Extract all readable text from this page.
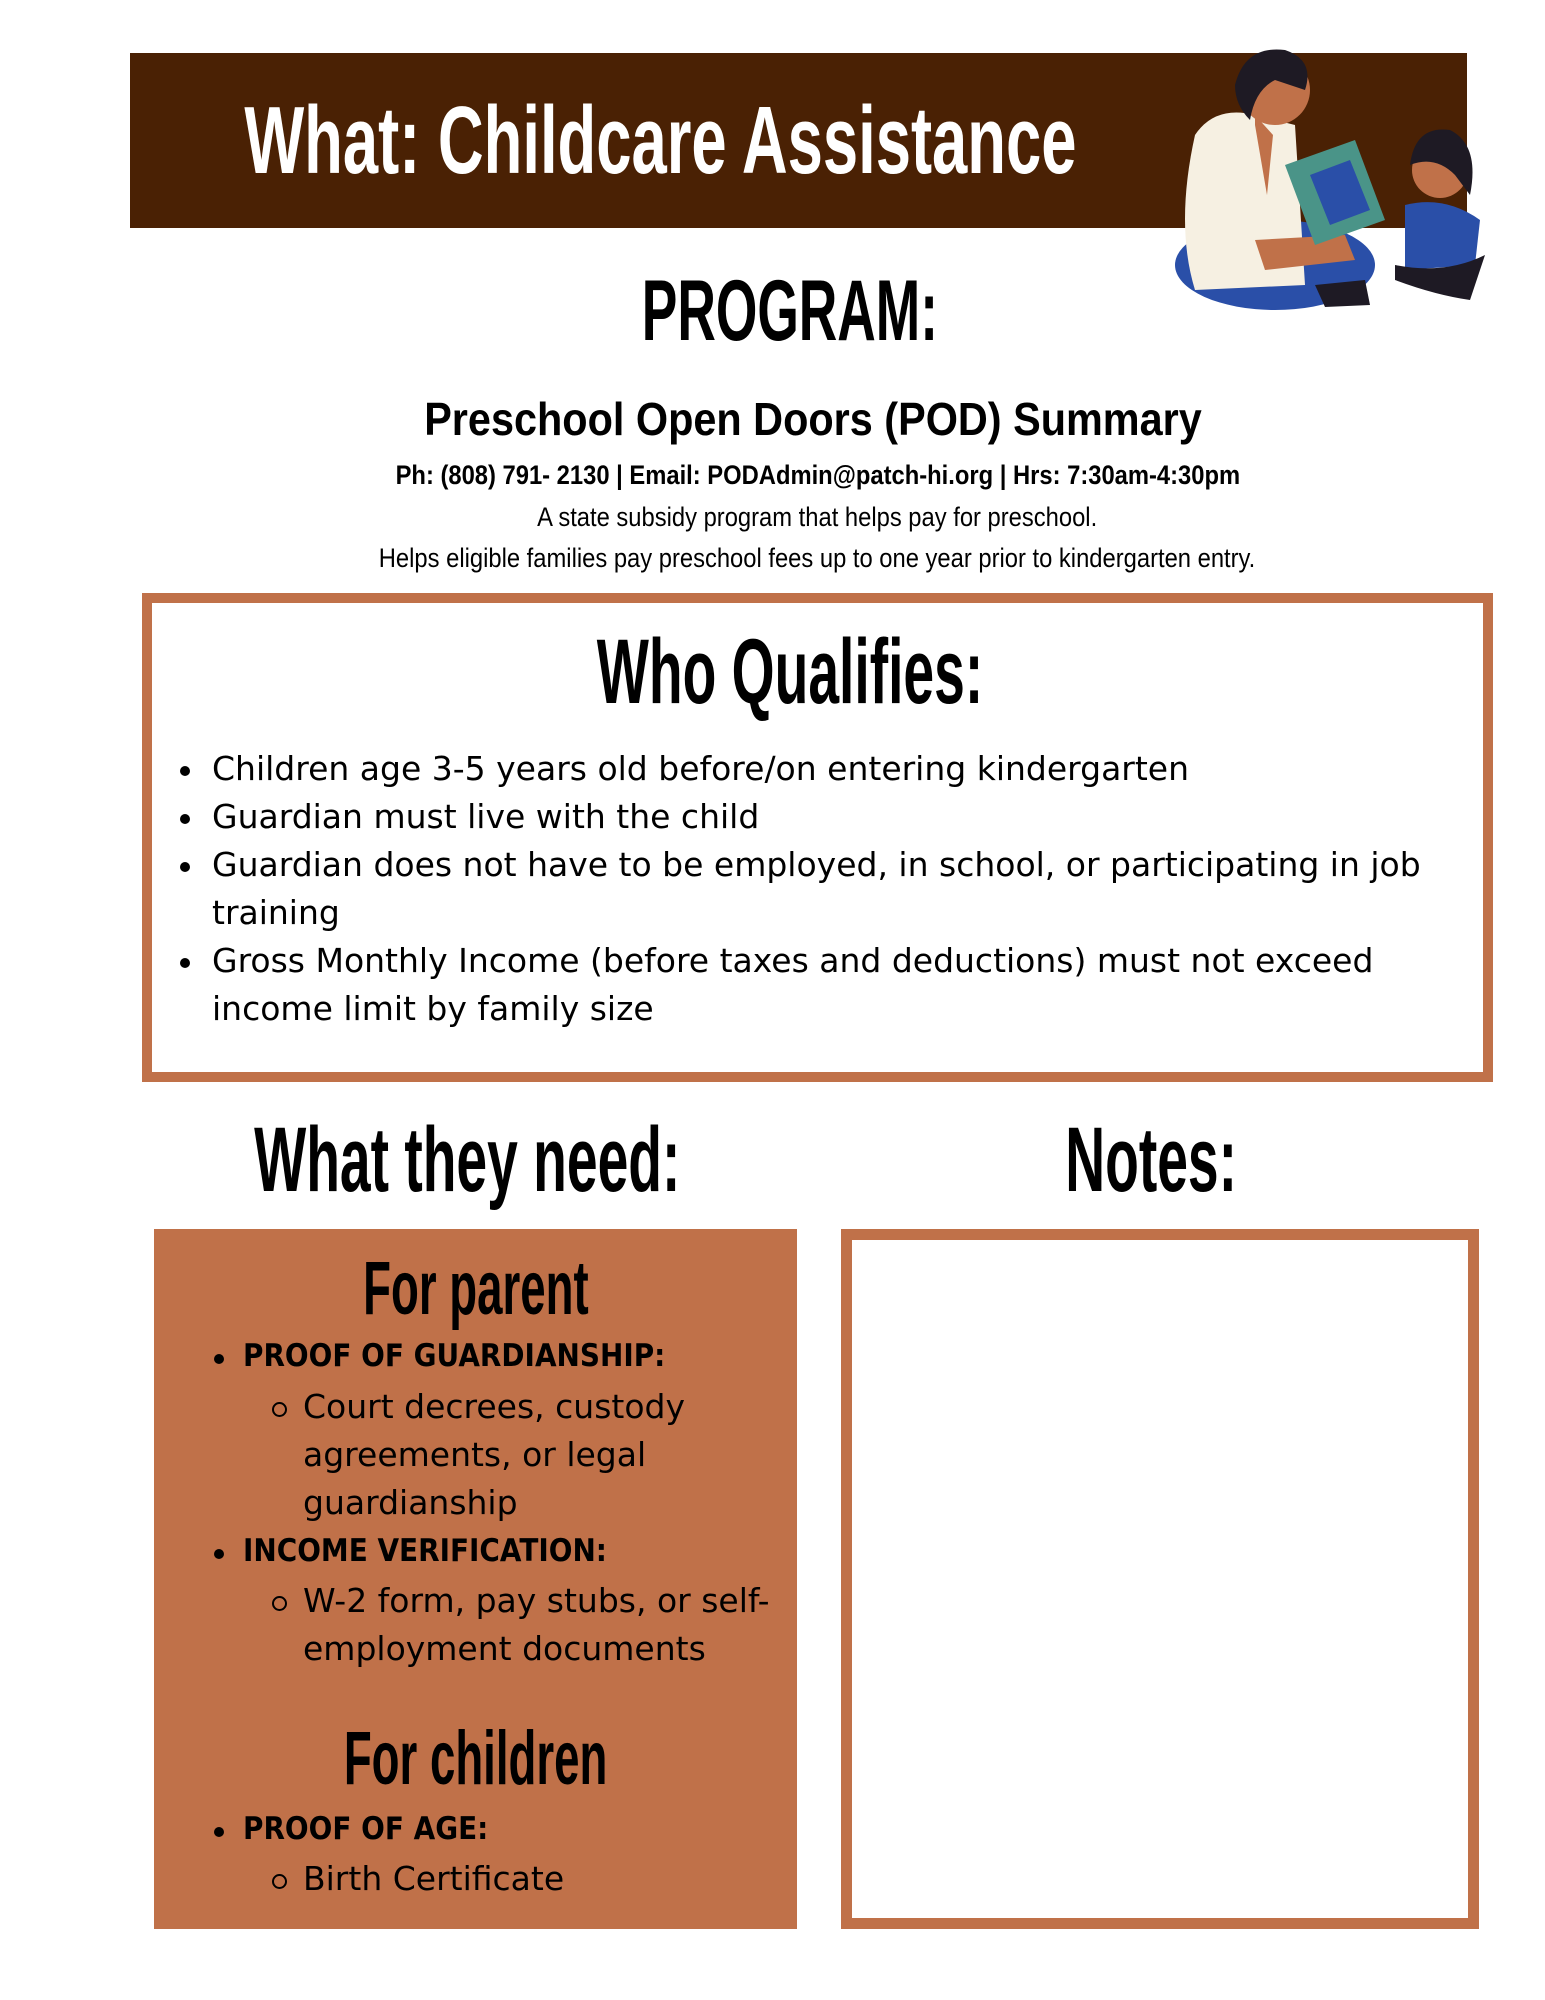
What: Childcare Assistance
PROGRAM:
Preschool Open Doors (POD) Summary
Ph: (808) 791- 2130 | Email: PODAdmin@patch-hi.org | Hrs: 7:30am-4:30pm
A state subsidy program that helps pay for preschool.
Helps eligible families pay preschool fees up to one year prior to kindergarten entry.
Who Qualifies:
Children age 3-5 years old before/on entering kindergarten
Guardian must live with the child
Guardian does not have to be employed, in school, or participating in job training
Gross Monthly Income (before taxes and deductions) must not exceed income limit by family size
What they need:	Notes:
For parent
PROOF OF GUARDIANSHIP:
Court decrees, custody agreements, or legal guardianship
INCOME VERIFICATION:
W-2 form, pay stubs, or self-employment documents
For children
PROOF OF AGE:
Birth Certificate
